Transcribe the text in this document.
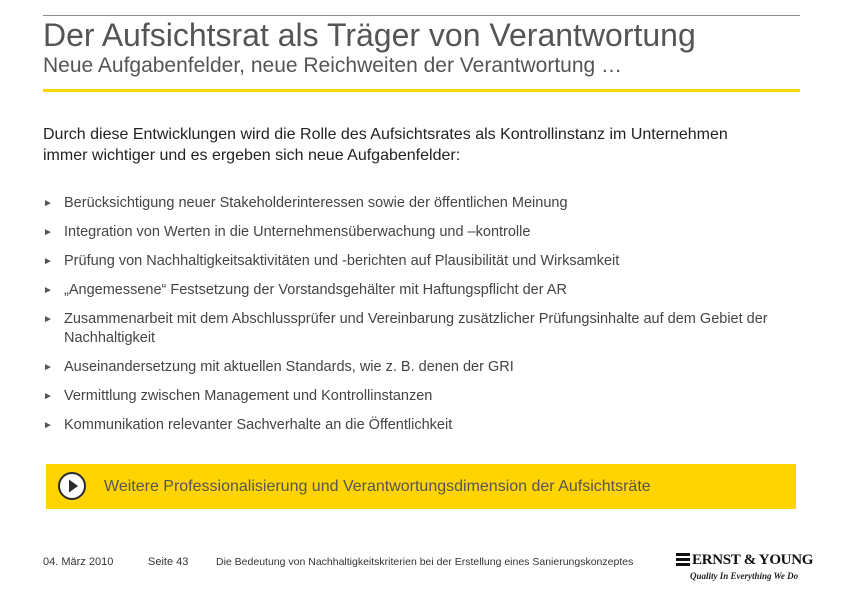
Der Aufsichtsrat als Träger von Verantwortung
Neue Aufgabenfelder, neue Reichweiten der Verantwortung …
Durch diese Entwicklungen wird die Rolle des Aufsichtsrates als Kontrollinstanz im Unternehmen immer wichtiger und es ergeben sich neue Aufgabenfelder:
► Berücksichtigung neuer Stakeholderinteressen sowie der öffentlichen Meinung
► Integration von Werten in die Unternehmensüberwachung und –kontrolle
► Prüfung von Nachhaltigkeitsaktivitäten und -berichten auf Plausibilität und Wirksamkeit
► „Angemessene“ Festsetzung der Vorstandsgehälter mit Haftungspflicht der AR
► Zusammenarbeit mit dem Abschlussprüfer und Vereinbarung zusätzlicher Prüfungsinhalte auf dem Gebiet der Nachhaltigkeit
► Auseinandersetzung mit aktuellen Standards, wie z. B. denen der GRI
► Vermittlung zwischen Management und Kontrollinstanzen
► Kommunikation relevanter Sachverhalte an die Öffentlichkeit
Weitere Professionalisierung und Verantwortungsdimension der Aufsichtsräte
04. März 2010	Seite 43	Die Bedeutung von Nachhaltigkeitskriterien bei der Erstellung eines Sanierungskonzeptes	ERNST & YOUNG
Quality In Everything We Do
